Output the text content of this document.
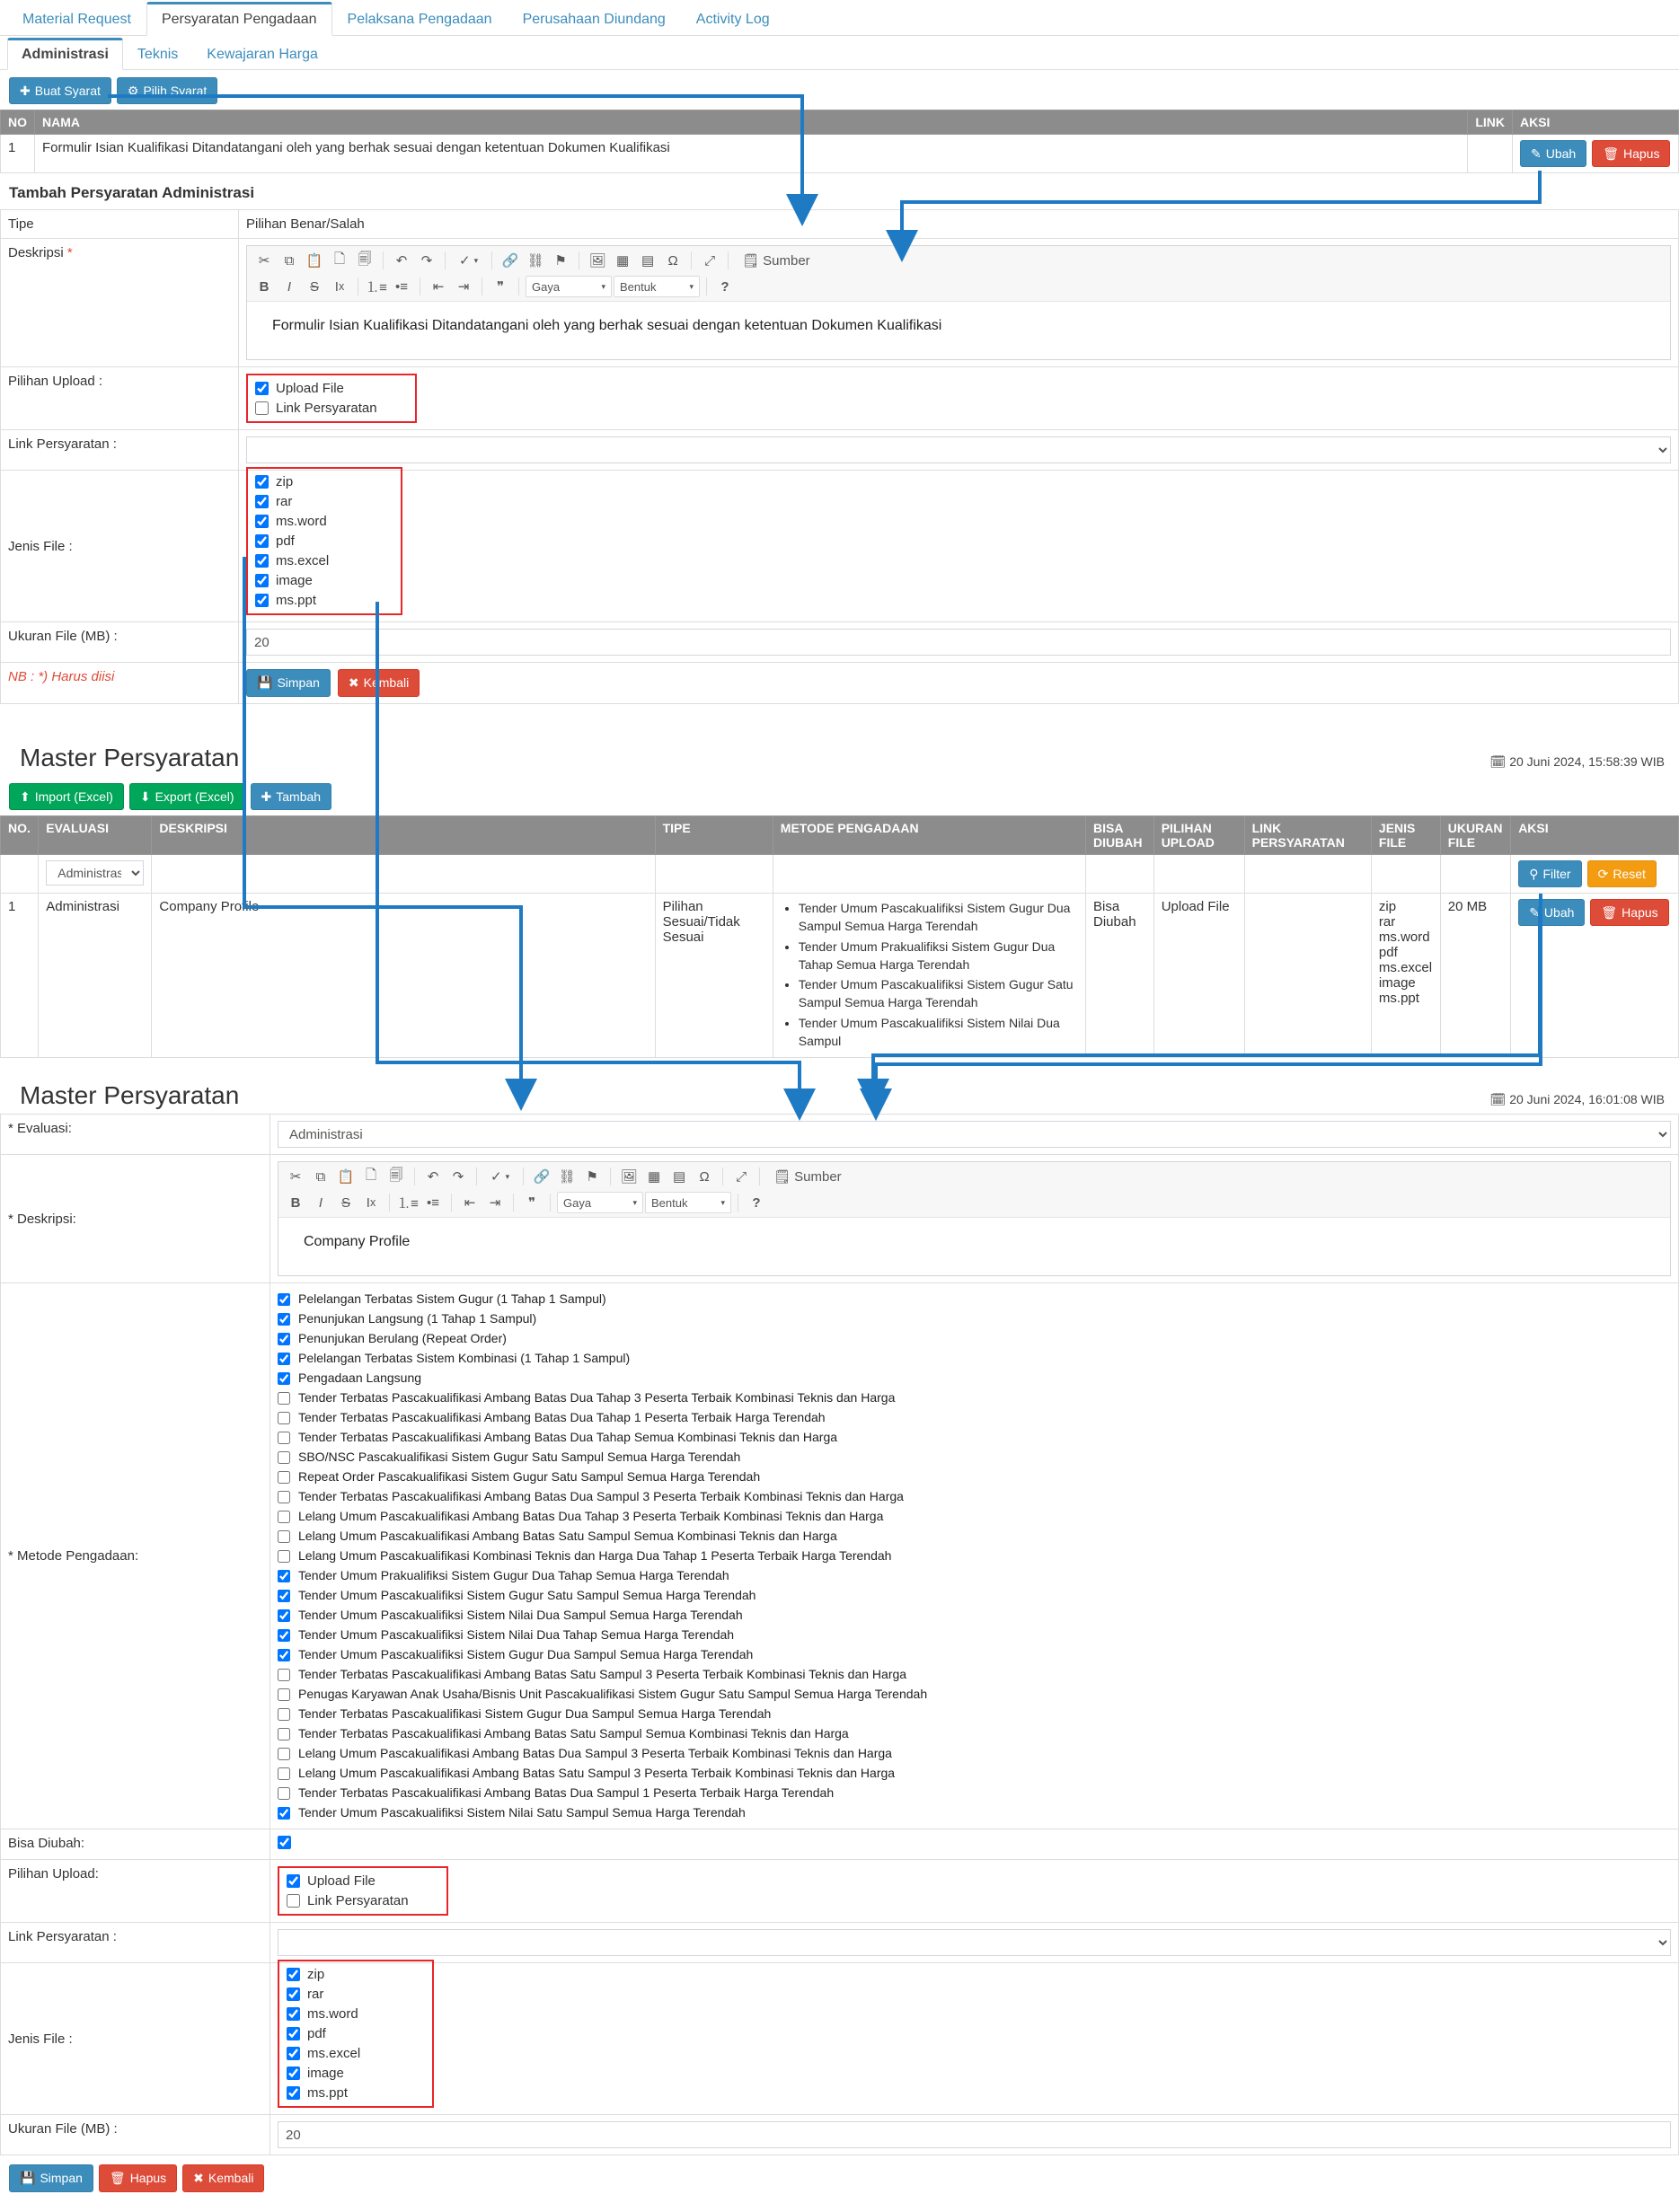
Material Request	Persyaratan Pengadaan	Pelaksana Pengadaan	Perusahaan Diundang	Activity Log
Administrasi	Teknis	Kewajaran Harga
✚ Buat Syarat ⚙ Pilih Syarat
NO	NAMA	LINK	AKSI
1	Formulir Isian Kualifikasi Ditandatangani oleh yang berhak sesuai dengan ketentuan Dokumen Kualifikasi		✎ Ubah 🗑 Hapus
Tambah Persyaratan Administrasi
Tipe	Pilihan Benar/Salah
Deskripsi *	
✂	⧉ 📋 🗋 🗐	↶	↷	✓ ▾ 🔗 ⛓ ⚑	🖼 ▦ ▤	Ω	⤢	🗒 Sumber
B I S	I x ⒈≡ •≡	⇤	⇥	❞	Gaya	▾ Bentuk	▾ ?
Formulir Isian Kualifikasi Ditandatangani oleh yang berhak sesuai dengan ketentuan Dokumen Kualifikasi

Pilihan Upload :	Upload File
Link Persyaratan

Link Persyaratan :	

Jenis File :	
zip
rar
ms.word
pdf
ms.excel
image
ms.ppt

Ukuran File (MB) :	20
NB : *) Harus diisi	💾 Simpan ✖ Kembali
Master Persyaratan	🗓 20 Juni 2024, 15:58:39 WIB
⬆ Import (Excel) ⬇ Export (Excel) ✚ Tambah
NO.	EVALUASI	DESKRIPSI	TIPE	METODE PENGADAAN	BISA DIUBAH	PILIHAN UPLOAD	LINK PERSYARATAN	JENIS FILE	UKURAN FILE	AKSI

Administrasi									
⚲ Filter ⟳ Reset

1	Administrasi	Company Profile	Pilihan Sesuai/Tidak Sesuai	
• Tender Umum Pascakualifiksi Sistem Gugur Dua Sampul Semua Harga Terendah
• Tender Umum Prakualifiksi Sistem Gugur Dua Tahap Semua Harga Terendah
• Tender Umum Pascakualifiksi Sistem Gugur Satu Sampul Semua Harga Terendah
• Tender Umum Pascakualifiksi Sistem Nilai Dua Sampul
	Bisa Diubah	Upload File		zip
rar
ms.word
pdf
ms.excel
image
ms.ppt
	20 MB	✎ Ubah 🗑 Hapus
Master Persyaratan	🗓 20 Juni 2024, 16:01:08 WIB
* Evaluasi:	
Administrasi
* Deskripsi:	
✂	⧉ 📋 🗋 🗐	↶	↷	✓ ▾ 🔗 ⛓ ⚑	🖼 ▦ ▤	Ω	⤢	🗒 Sumber
B I S	I x ⒈≡ •≡	⇤	⇥	❞	Gaya	▾ Bentuk	▾ ?
Company Profile

* Metode Pengadaan:	
Pelelangan Terbatas Sistem Gugur (1 Tahap 1 Sampul)
Penunjukan Langsung (1 Tahap 1 Sampul)
Penunjukan Berulang (Repeat Order)
Pelelangan Terbatas Sistem Kombinasi (1 Tahap 1 Sampul)
Pengadaan Langsung
Tender Terbatas Pascakualifikasi Ambang Batas Dua Tahap 3 Peserta Terbaik Kombinasi Teknis dan Harga
Tender Terbatas Pascakualifikasi Ambang Batas Dua Tahap 1 Peserta Terbaik Harga Terendah
Tender Terbatas Pascakualifikasi Ambang Batas Dua Tahap Semua Kombinasi Teknis dan Harga
SBO/NSC Pascakualifikasi Sistem Gugur Satu Sampul Semua Harga Terendah
Repeat Order Pascakualifikasi Sistem Gugur Satu Sampul Semua Harga Terendah
Tender Terbatas Pascakualifikasi Ambang Batas Dua Sampul 3 Peserta Terbaik Kombinasi Teknis dan Harga
Lelang Umum Pascakualifikasi Ambang Batas Dua Tahap 3 Peserta Terbaik Kombinasi Teknis dan Harga
Lelang Umum Pascakualifikasi Ambang Batas Satu Sampul Semua Kombinasi Teknis dan Harga
Lelang Umum Pascakualifikasi Kombinasi Teknis dan Harga Dua Tahap 1 Peserta Terbaik Harga Terendah
Tender Umum Prakualifiksi Sistem Gugur Dua Tahap Semua Harga Terendah
Tender Umum Pascakualifiksi Sistem Gugur Satu Sampul Semua Harga Terendah
Tender Umum Pascakualifiksi Sistem Nilai Dua Sampul Semua Harga Terendah
Tender Umum Pascakualifiksi Sistem Nilai Dua Tahap Semua Harga Terendah
Tender Umum Pascakualifiksi Sistem Gugur Dua Sampul Semua Harga Terendah
Tender Terbatas Pascakualifikasi Ambang Batas Satu Sampul 3 Peserta Terbaik Kombinasi Teknis dan Harga
Penugas Karyawan Anak Usaha/Bisnis Unit Pascakualifikasi Sistem Gugur Satu Sampul Semua Harga Terendah
Tender Terbatas Pascakualifikasi Sistem Gugur Dua Sampul Semua Harga Terendah
Tender Terbatas Pascakualifikasi Ambang Batas Satu Sampul Semua Kombinasi Teknis dan Harga
Lelang Umum Pascakualifikasi Ambang Batas Dua Sampul 3 Peserta Terbaik Kombinasi Teknis dan Harga
Lelang Umum Pascakualifikasi Ambang Batas Satu Sampul 3 Peserta Terbaik Kombinasi Teknis dan Harga
Tender Terbatas Pascakualifikasi Ambang Batas Dua Sampul 1 Peserta Terbaik Harga Terendah
Tender Umum Pascakualifiksi Sistem Nilai Satu Sampul Semua Harga Terendah

Bisa Diubah:	
Pilihan Upload:	Upload File
Link Persyaratan

Link Persyaratan :	

Jenis File :	
zip
rar
ms.word
pdf
ms.excel
image
ms.ppt

Ukuran File (MB) :	20
💾 Simpan 🗑 Hapus ✖ Kembali
